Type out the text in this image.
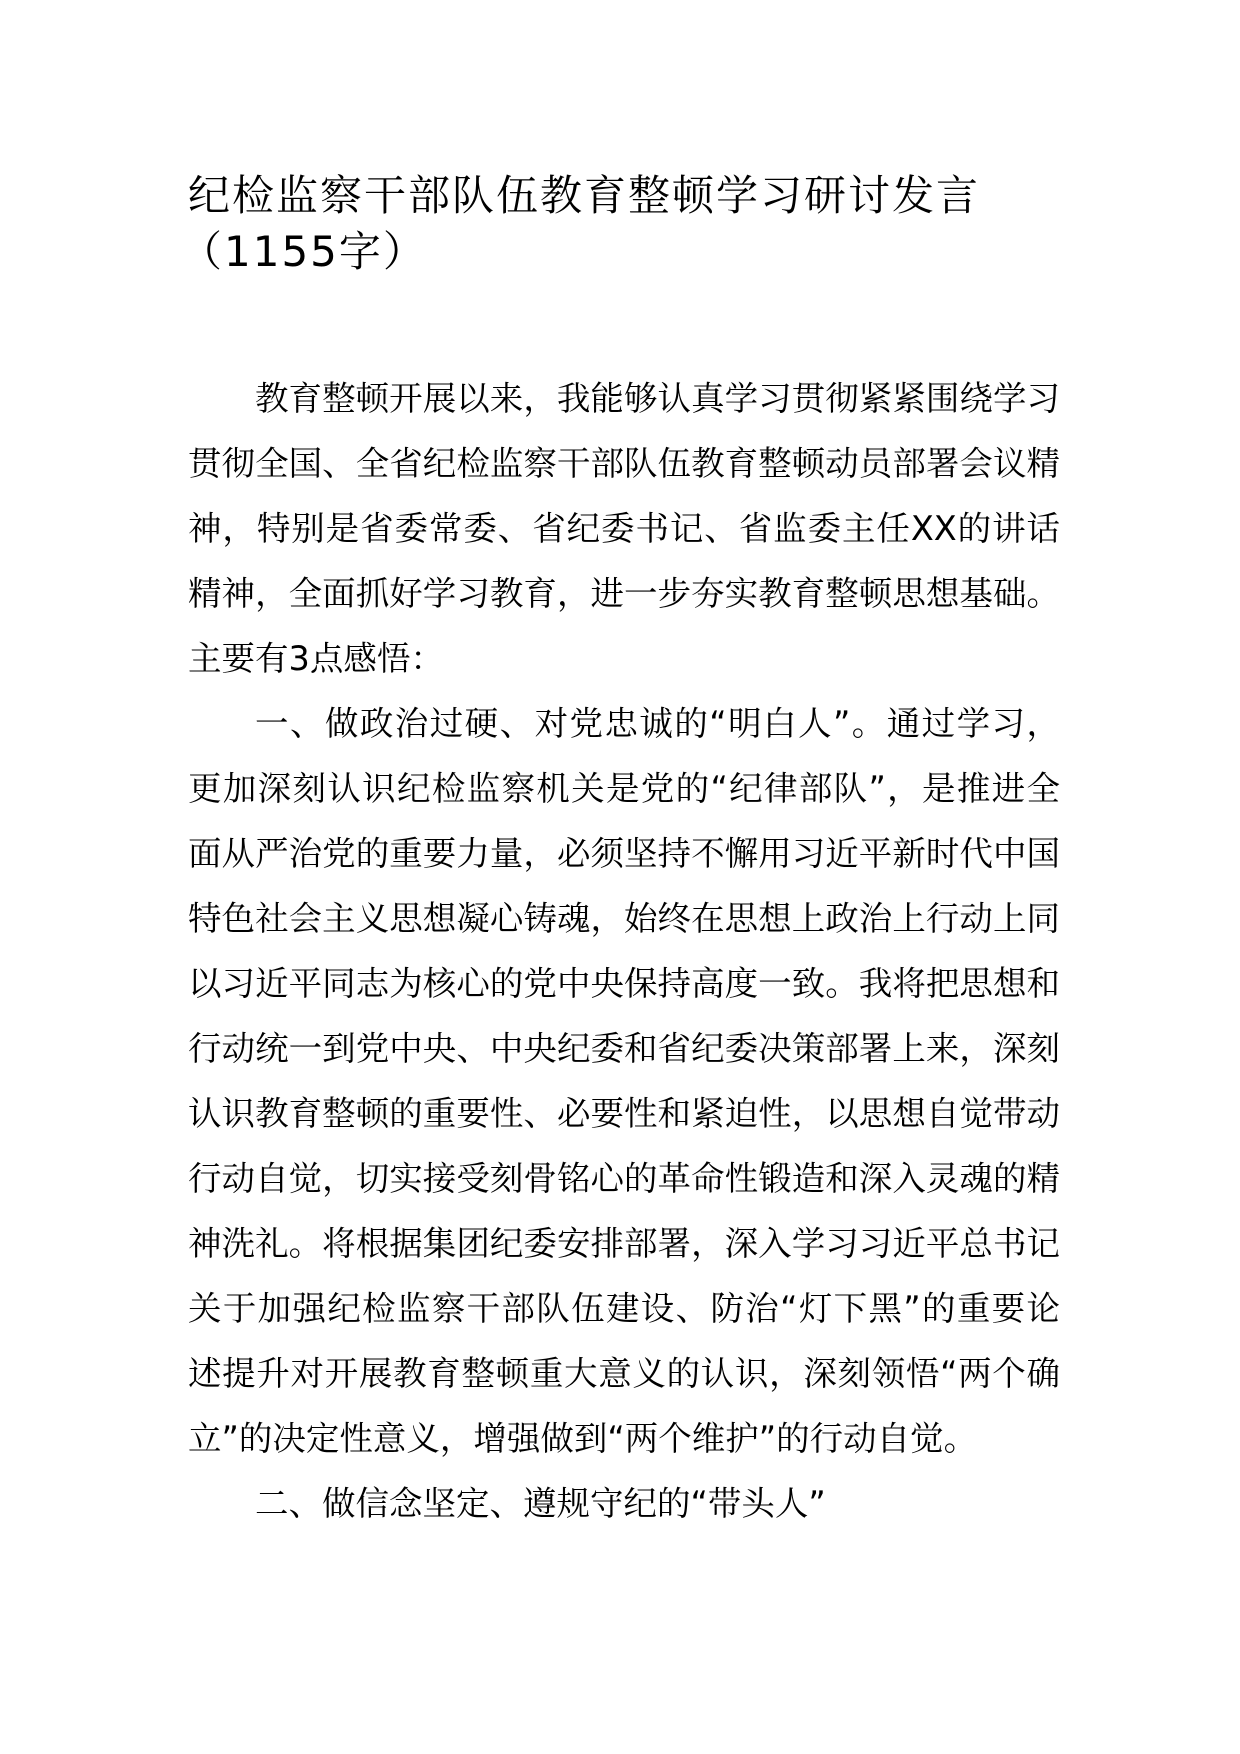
纪检监察干部队伍教育整顿学习研讨发言
（1155字）

教育整顿开展以来，我能够认真学习贯彻紧紧围绕学习贯彻全国、全省纪检监察干部队伍教育整顿动员部署会议精神，特别是省委常委、省纪委书记、省监委主任XX的讲话精神，全面抓好学习教育，进一步夯实教育整顿思想基础。主要有3点感悟：

一、做政治过硬、对党忠诚的“明白人”。通过学习，更加深刻认识纪检监察机关是党的“纪律部队”，是推进全面从严治党的重要力量，必须坚持不懈用习近平新时代中国特色社会主义思想凝心铸魂，始终在思想上政治上行动上同以习近平同志为核心的党中央保持高度一致。我将把思想和行动统一到党中央、中央纪委和省纪委决策部署上来，深刻认识教育整顿的重要性、必要性和紧迫性，以思想自觉带动行动自觉，切实接受刻骨铭心的革命性锻造和深入灵魂的精神洗礼。将根据集团纪委安排部署，深入学习习近平总书记关于加强纪检监察干部队伍建设、防治“灯下黑”的重要论述提升对开展教育整顿重大意义的认识，深刻领悟“两个确立”的决定性意义，增强做到“两个维护”的行动自觉。

二、做信念坚定、遵规守纪的“带头人”
